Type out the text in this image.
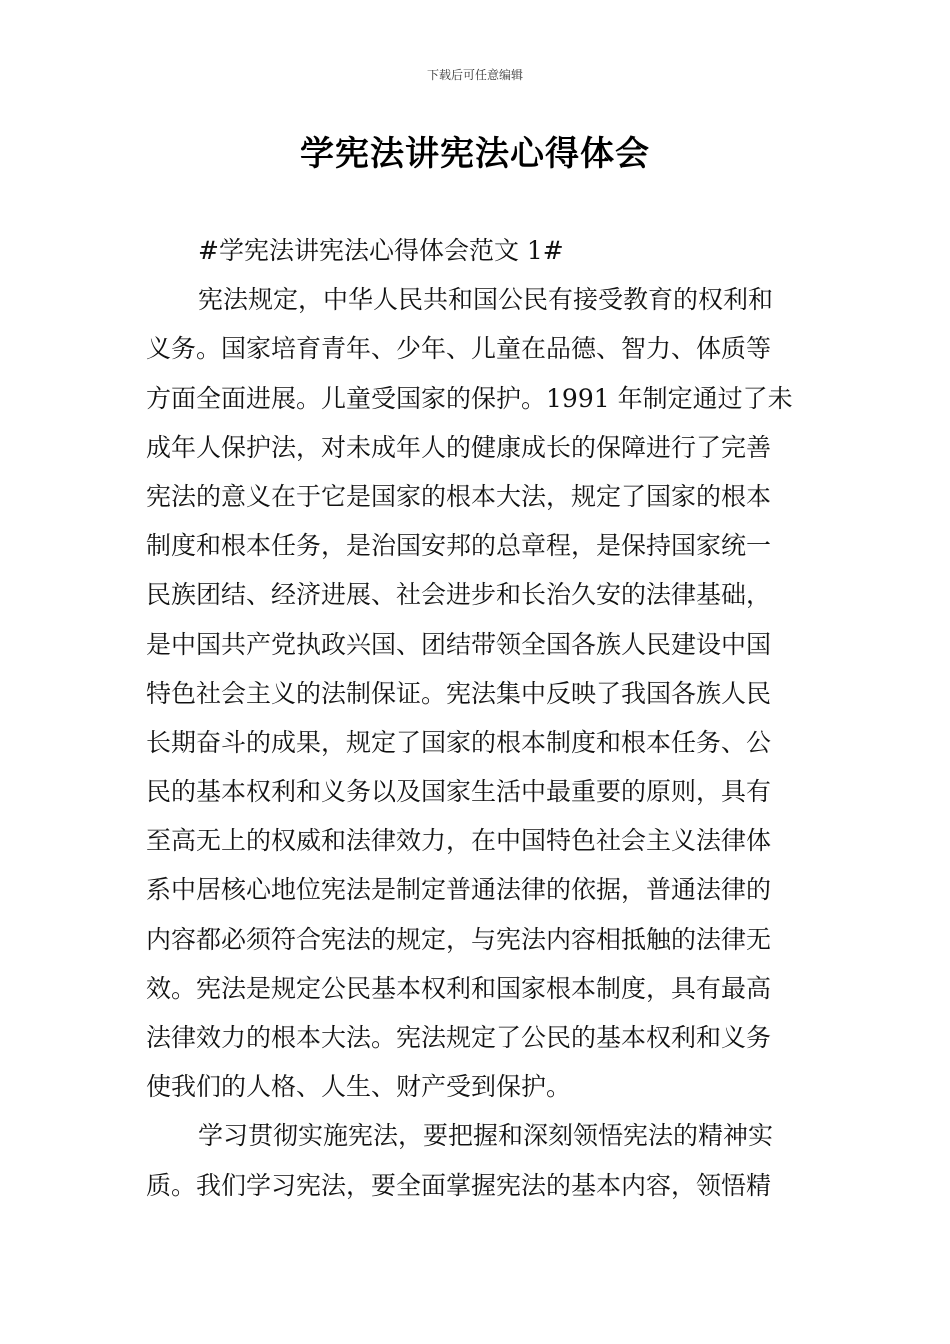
下载后可任意编辑
学宪法讲宪法心得体会
#学宪法讲宪法心得体会范文 1#
宪法规定，中华人民共和国公民有接受教育的权利和
义务。国家培育青年、少年、儿童在品德、智力、体质等
方面全面进展。儿童受国家的保护。1991 年制定通过了未
成年人保护法，对未成年人的健康成长的保障进行了完善
宪法的意义在于它是国家的根本大法，规定了国家的根本
制度和根本任务，是治国安邦的总章程，是保持国家统一
民族团结、经济进展、社会进步和长治久安的法律基础，
是中国共产党执政兴国、团结带领全国各族人民建设中国
特色社会主义的法制保证。宪法集中反映了我国各族人民
长期奋斗的成果，规定了国家的根本制度和根本任务、公
民的基本权利和义务以及国家生活中最重要的原则，具有
至高无上的权威和法律效力，在中国特色社会主义法律体
系中居核心地位宪法是制定普通法律的依据，普通法律的
内容都必须符合宪法的规定，与宪法内容相抵触的法律无
效。宪法是规定公民基本权利和国家根本制度，具有最高
法律效力的根本大法。宪法规定了公民的基本权利和义务
使我们的人格、人生、财产受到保护。
学习贯彻实施宪法，要把握和深刻领悟宪法的精神实
质。我们学习宪法，要全面掌握宪法的基本内容，领悟精
